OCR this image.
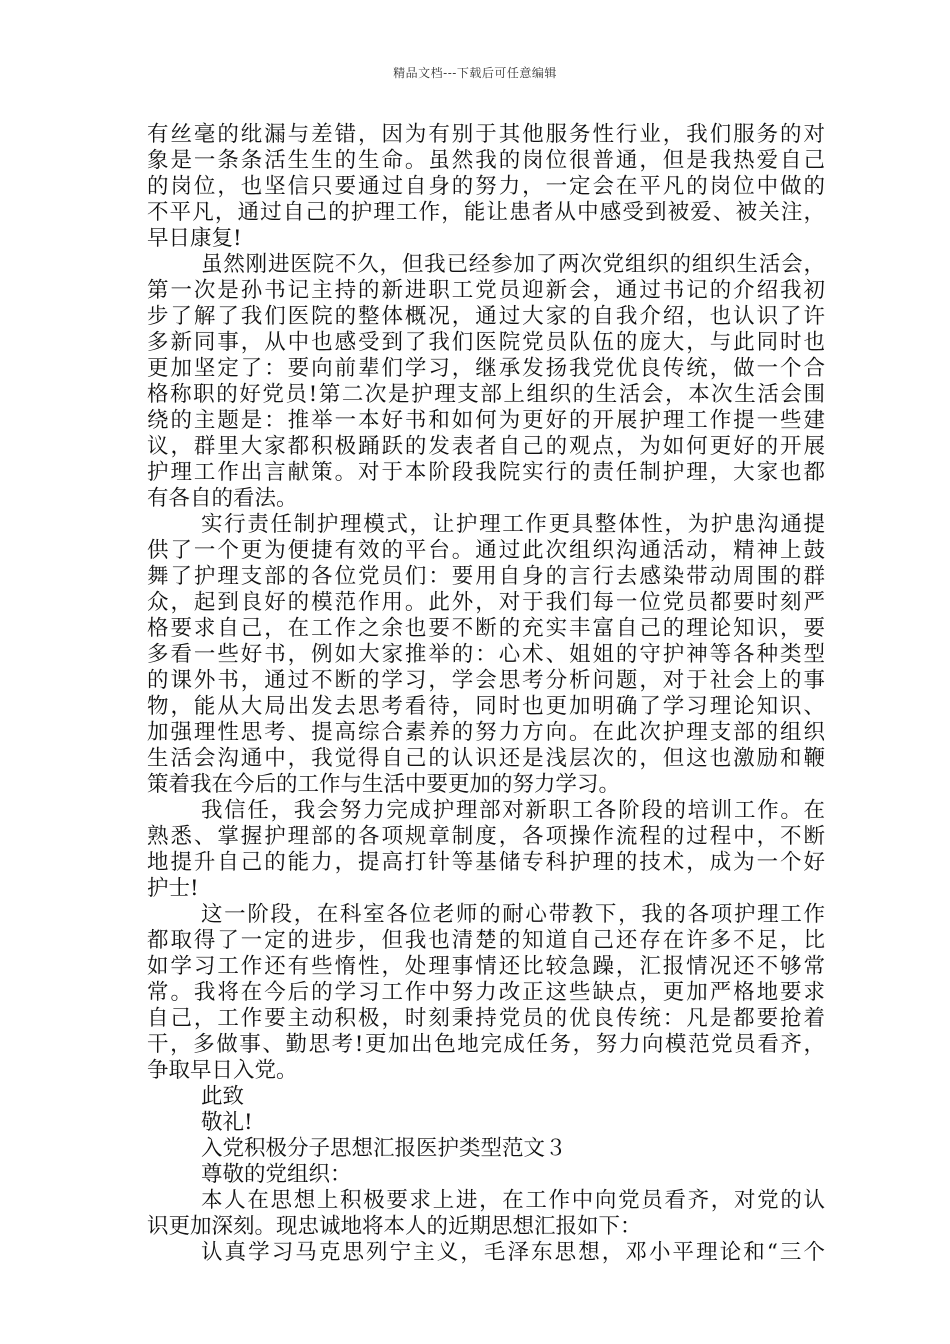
精品文档---下载后可任意编辑
有丝毫的纰漏与差错，因为有别于其他服务性行业，我们服务的对
象是一条条活生生的生命。虽然我的岗位很普通，但是我热爱自己
的岗位，也坚信只要通过自身的努力，一定会在平凡的岗位中做的
不平凡，通过自己的护理工作，能让患者从中感受到被爱、被关注，
早日康复!
虽然刚进医院不久，但我已经参加了两次党组织的组织生活会，
第一次是孙书记主持的新进职工党员迎新会，通过书记的介绍我初
步了解了我们医院的整体概况，通过大家的自我介绍，也认识了许
多新同事，从中也感受到了我们医院党员队伍的庞大，与此同时也
更加坚定了：要向前辈们学习，继承发扬我党优良传统，做一个合
格称职的好党员!第二次是护理支部上组织的生活会，本次生活会围
绕的主题是：推举一本好书和如何为更好的开展护理工作提一些建
议，群里大家都积极踊跃的发表者自己的观点，为如何更好的开展
护理工作出言献策。对于本阶段我院实行的责任制护理，大家也都
有各自的看法。
实行责任制护理模式，让护理工作更具整体性，为护患沟通提
供了一个更为便捷有效的平台。通过此次组织沟通活动，精神上鼓
舞了护理支部的各位党员们：要用自身的言行去感染带动周围的群
众，起到良好的模范作用。此外，对于我们每一位党员都要时刻严
格要求自己，在工作之余也要不断的充实丰富自己的理论知识，要
多看一些好书，例如大家推举的：心术、姐姐的守护神等各种类型
的课外书，通过不断的学习，学会思考分析问题，对于社会上的事
物，能从大局出发去思考看待，同时也更加明确了学习理论知识、
加强理性思考、提高综合素养的努力方向。在此次护理支部的组织
生活会沟通中，我觉得自己的认识还是浅层次的，但这也激励和鞭
策着我在今后的工作与生活中要更加的努力学习。
我信任，我会努力完成护理部对新职工各阶段的培训工作。在
熟悉、掌握护理部的各项规章制度，各项操作流程的过程中，不断
地提升自己的能力，提高打针等基储专科护理的技术，成为一个好
护士!
这一阶段，在科室各位老师的耐心带教下，我的各项护理工作
都取得了一定的进步，但我也清楚的知道自己还存在许多不足，比
如学习工作还有些惰性，处理事情还比较急躁，汇报情况还不够常
常。我将在今后的学习工作中努力改正这些缺点，更加严格地要求
自己，工作要主动积极，时刻秉持党员的优良传统：凡是都要抢着
干，多做事、勤思考!更加出色地完成任务，努力向模范党员看齐，
争取早日入党。
此致
敬礼!
入党积极分子思想汇报医护类型范文３
尊敬的党组织：
本人在思想上积极要求上进，在工作中向党员看齐，对党的认
识更加深刻。现忠诚地将本人的近期思想汇报如下：
认真学习马克思列宁主义，毛泽东思想，邓小平理论和“三个
